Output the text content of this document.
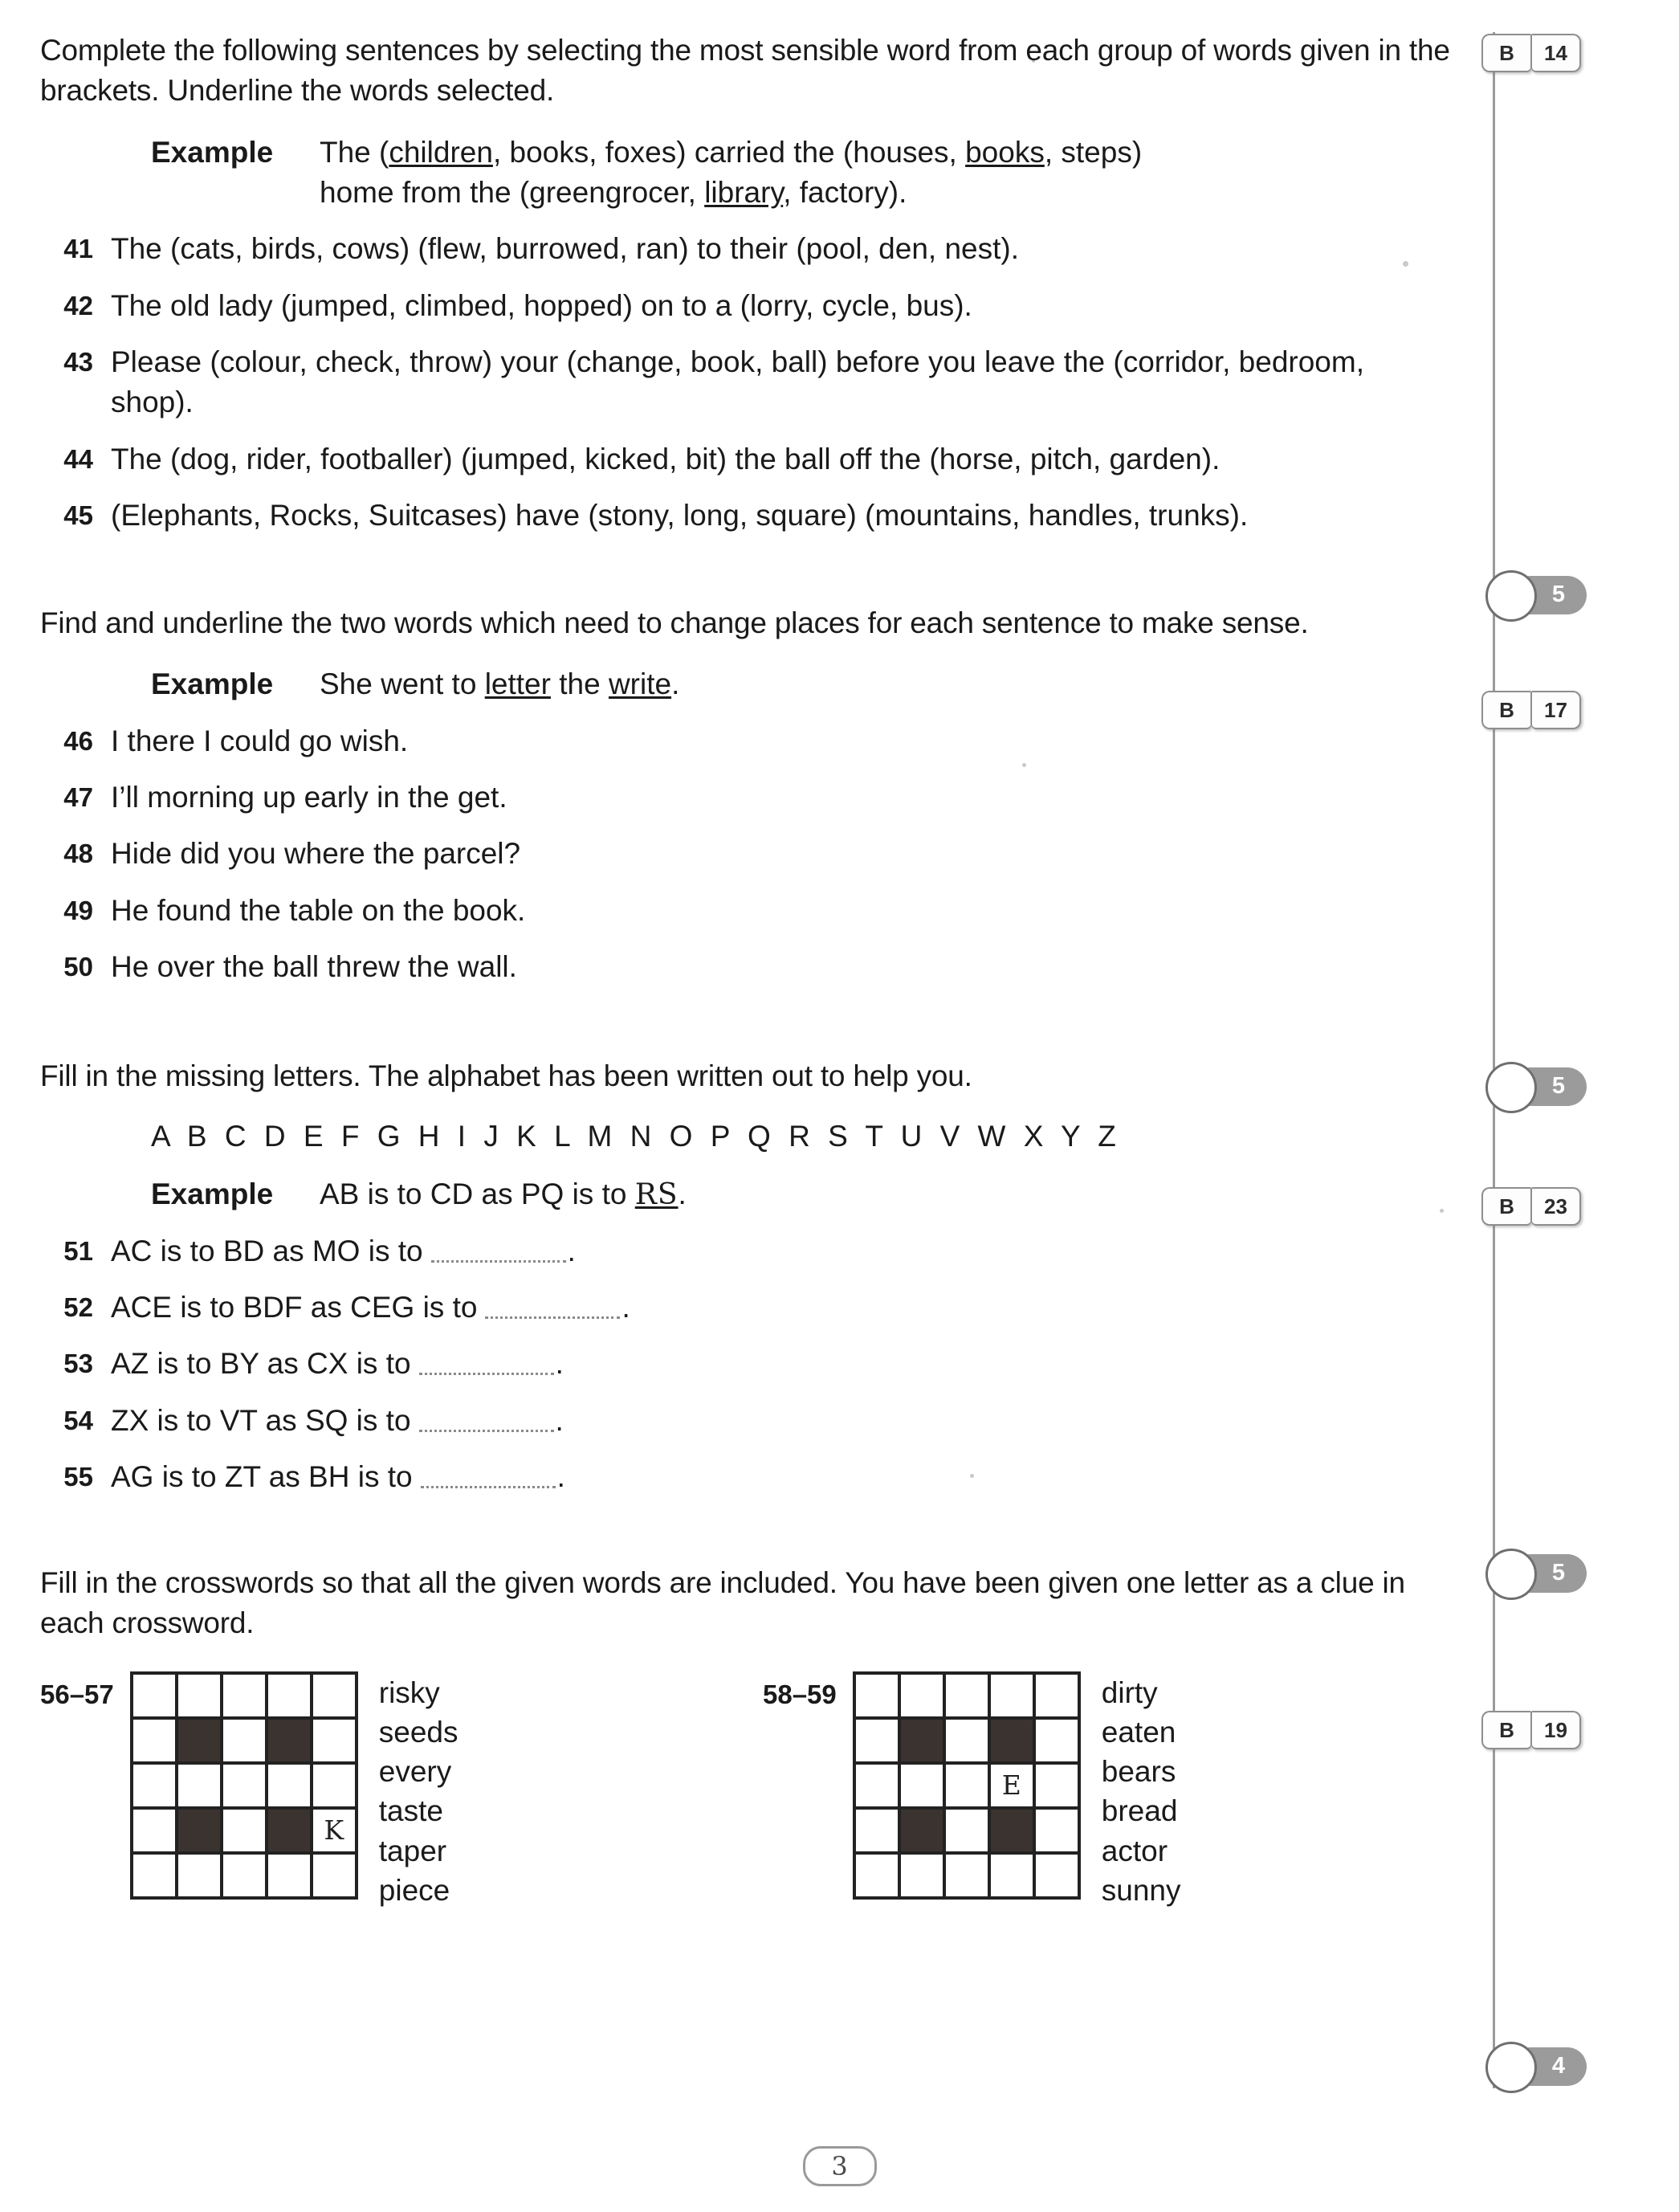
Complete the following sentences by selecting the most sensible word from each group of words given in the brackets. Underline the words selected.
Example	The (children, books, foxes) carried the (houses, books, steps)
home from the (greengrocer, library, factory).
41 The (cats, birds, cows) (flew, burrowed, ran) to their (pool, den, nest).
42 The old lady (jumped, climbed, hopped) on to a (lorry, cycle, bus).
43 Please (colour, check, throw) your (change, book, ball) before you leave the (corridor, bedroom, shop).
44 The (dog, rider, footballer) (jumped, kicked, bit) the ball off the (horse, pitch, garden).
45 (Elephants, Rocks, Suitcases) have (stony, long, square) (mountains, handles, trunks).
Find and underline the two words which need to change places for each sentence to make sense.
Example	She went to letter the write.
46 I there I could go wish.
47 I’ll morning up early in the get.
48 Hide did you where the parcel?
49 He found the table on the book.
50 He over the ball threw the wall.
Fill in the missing letters. The alphabet has been written out to help you.
A B C D E F G H I J K L M N O P Q R S T U V W X Y Z
Example	AB is to CD as PQ is to RS.
51 AC is to BD as MO is to	.
52 ACE is to BDF as CEG is to	.
53 AZ is to BY as CX is to	.
54 ZX is to VT as SQ is to	.
55 AG is to ZT as BH is to	.
Fill in the crosswords so that all the given words are included. You have been given one letter as a clue in each crossword.
56–57
K
risky
seeds
every
taste
taper
piece
58–59
E
dirty
eaten
bears
bread
actor
sunny
B	14
B	17
B	23
B	19
5
5
5
4
3
